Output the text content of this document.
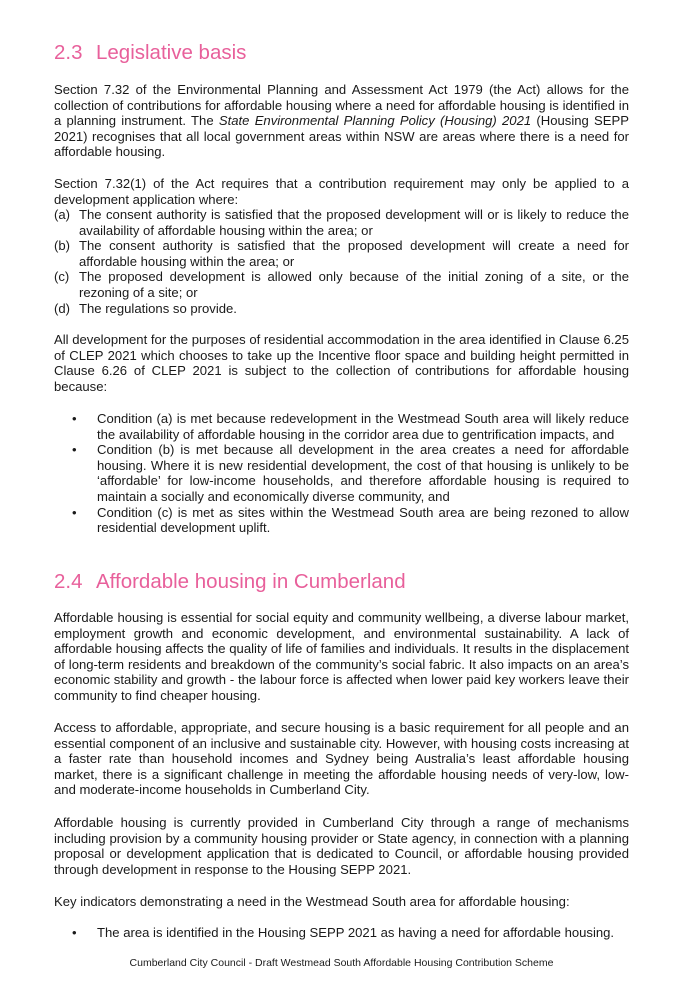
2.3 Legislative basis

Section 7.32 of the Environmental Planning and Assessment Act 1979 (the Act) allows for the collection of contributions for affordable housing where a need for affordable housing is identified in a planning instrument. The State Environmental Planning Policy (Housing) 2021 (Housing SEPP 2021) recognises that all local government areas within NSW are areas where there is a need for affordable housing.

Section 7.32(1) of the Act requires that a contribution requirement may only be applied to a development application where:

(a) The consent authority is satisfied that the proposed development will or is likely to reduce the availability of affordable housing within the area; or
(b) The consent authority is satisfied that the proposed development will create a need for affordable housing within the area; or
(c) The proposed development is allowed only because of the initial zoning of a site, or the rezoning of a site; or
(d) The regulations so provide.

All development for the purposes of residential accommodation in the area identified in Clause 6.25 of CLEP 2021 which chooses to take up the Incentive floor space and building height permitted in Clause 6.26 of CLEP 2021 is subject to the collection of contributions for affordable housing because:

• Condition (a) is met because redevelopment in the Westmead South area will likely reduce the availability of affordable housing in the corridor area due to gentrification impacts, and
• Condition (b) is met because all development in the area creates a need for affordable housing. Where it is new residential development, the cost of that housing is unlikely to be ‘affordable’ for low-income households, and therefore affordable housing is required to maintain a socially and economically diverse community, and
• Condition (c) is met as sites within the Westmead South area are being rezoned to allow residential development uplift.
2.4 Affordable housing in Cumberland

Affordable housing is essential for social equity and community wellbeing, a diverse labour market, employment growth and economic development, and environmental sustainability. A lack of affordable housing affects the quality of life of families and individuals. It results in the displacement of long-term residents and breakdown of the community’s social fabric. It also impacts on an area’s economic stability and growth - the labour force is affected when lower paid key workers leave their community to find cheaper housing.

Access to affordable, appropriate, and secure housing is a basic requirement for all people and an essential component of an inclusive and sustainable city. However, with housing costs increasing at a faster rate than household incomes and Sydney being Australia’s least affordable housing market, there is a significant challenge in meeting the affordable housing needs of very-low, low- and moderate-income households in Cumberland City.

Affordable housing is currently provided in Cumberland City through a range of mechanisms including provision by a community housing provider or State agency, in connection with a planning proposal or development application that is dedicated to Council, or affordable housing provided through development in response to the Housing SEPP 2021.

Key indicators demonstrating a need in the Westmead South area for affordable housing:

• The area is identified in the Housing SEPP 2021 as having a need for affordable housing.
Cumberland City Council - Draft Westmead South Affordable Housing Contribution Scheme
